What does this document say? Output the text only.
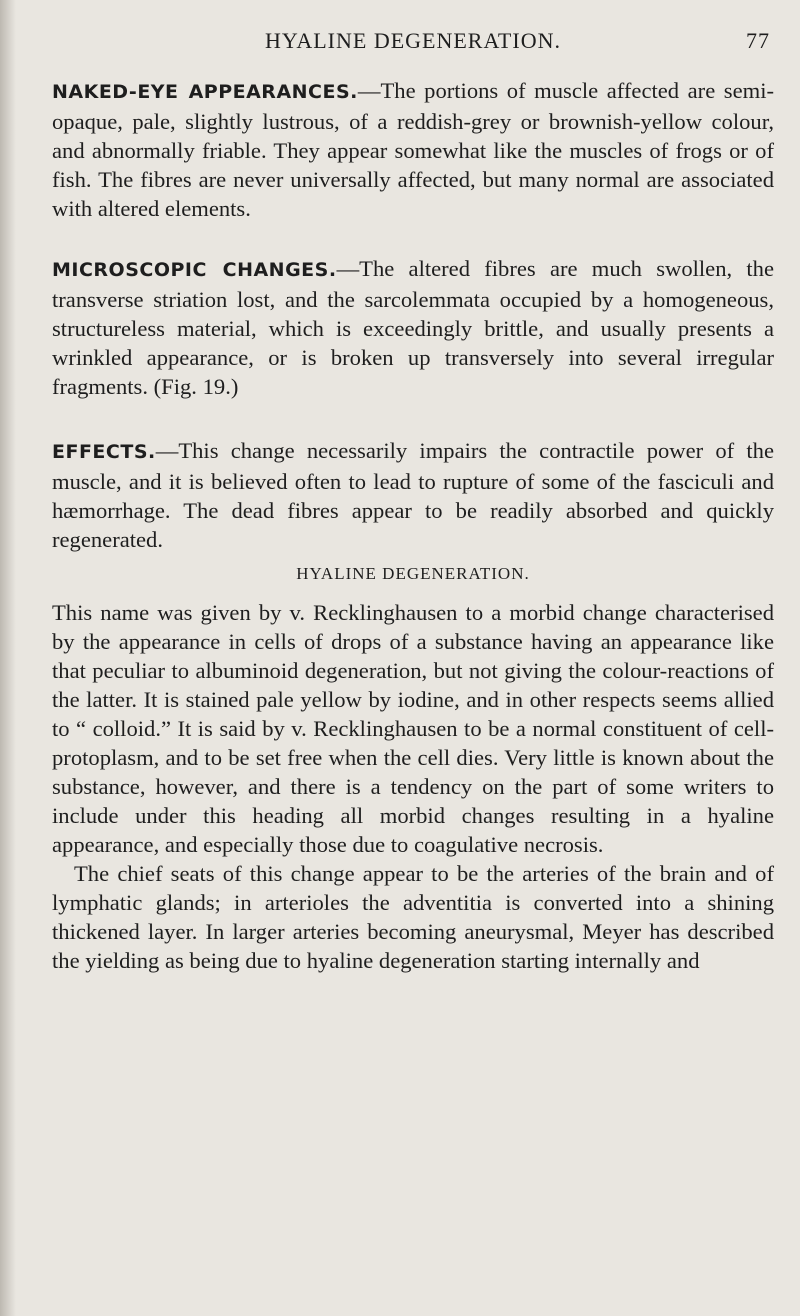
HYALINE DEGENERATION.	77

NAKED-EYE APPEARANCES.—The portions of muscle affected are semi-opaque, pale, slightly lustrous, of a reddish-grey or brownish-yellow colour, and abnormally friable. They appear somewhat like the muscles of frogs or of fish. The fibres are never universally affected, but many normal are associated with altered elements.

MICROSCOPIC CHANGES.—The altered fibres are much swollen, the transverse striation lost, and the sarcolemmata occupied by a homogeneous, structureless material, which is exceedingly brittle, and usually presents a wrinkled appearance, or is broken up transversely into several irregular fragments. (Fig. 19.)

EFFECTS.—This change necessarily impairs the contractile power of the muscle, and it is believed often to lead to rupture of some of the fasciculi and hæmorrhage. The dead fibres appear to be readily absorbed and quickly regenerated.

HYALINE DEGENERATION.

This name was given by v. Recklinghausen to a morbid change characterised by the appearance in cells of drops of a substance having an appearance like that peculiar to albuminoid degeneration, but not giving the colour-reactions of the latter. It is stained pale yellow by iodine, and in other respects seems allied to “ colloid.” It is said by v. Recklinghausen to be a normal constituent of cell-protoplasm, and to be set free when the cell dies. Very little is known about the substance, however, and there is a tendency on the part of some writers to include under this heading all morbid changes resulting in a hyaline appearance, and especially those due to coagulative necrosis.

The chief seats of this change appear to be the arteries of the brain and of lymphatic glands; in arterioles the adventitia is converted into a shining thickened layer. In larger arteries becoming aneurysmal, Meyer has described the yielding as being due to hyaline degeneration starting internally and
